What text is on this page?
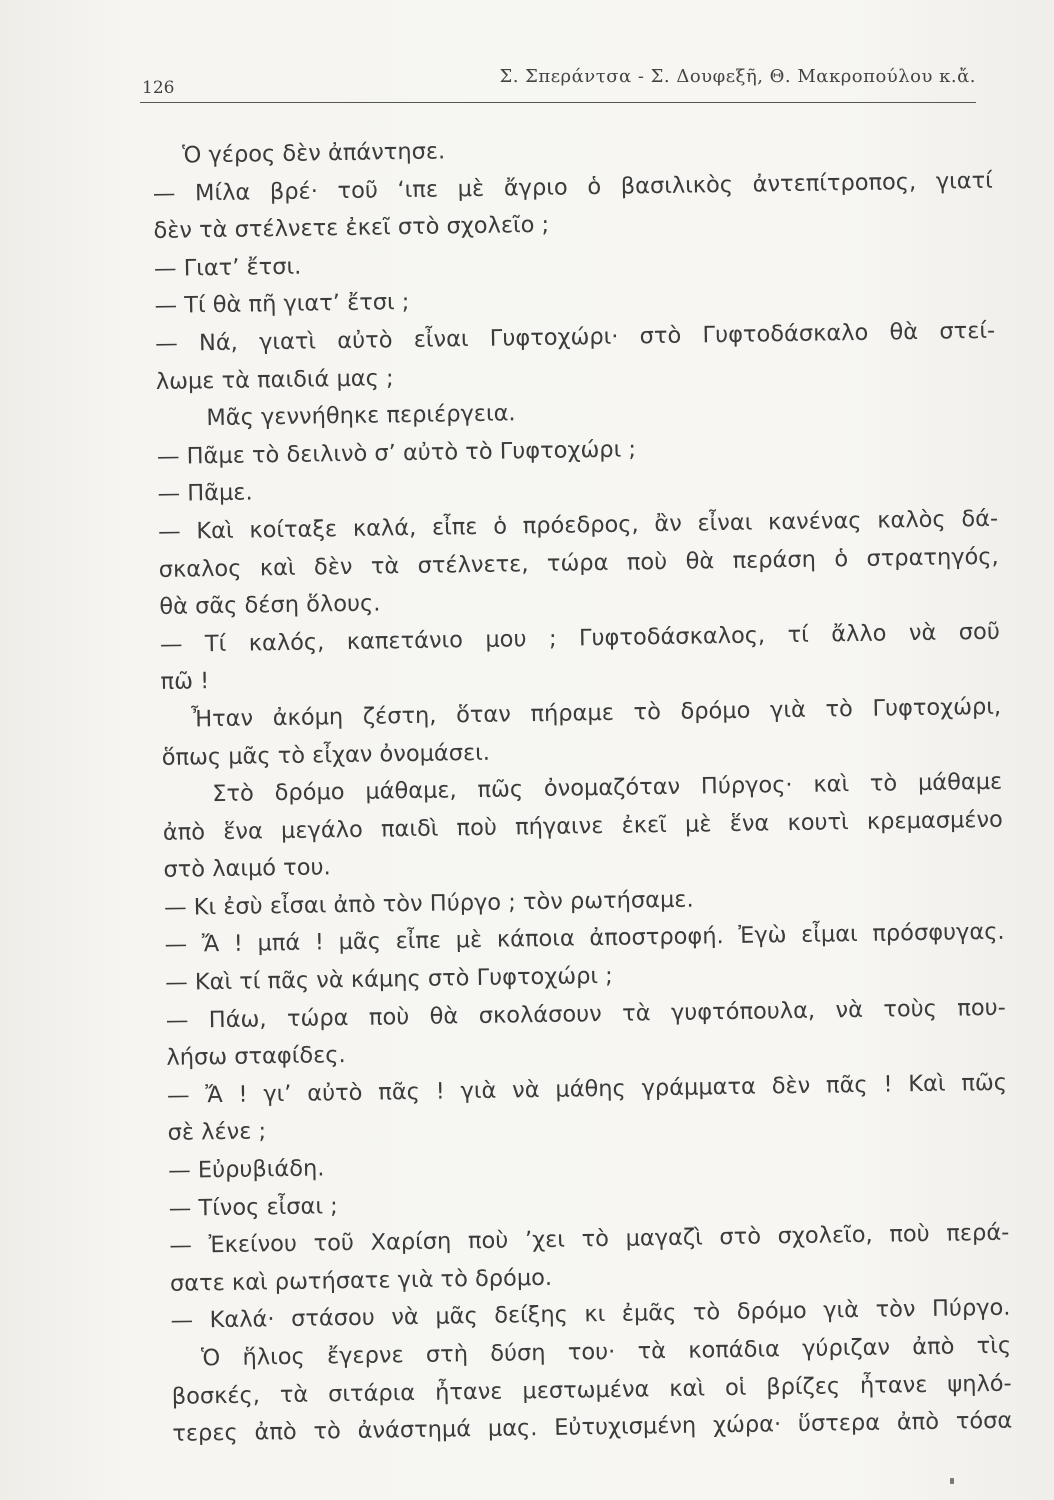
126
Σ. Σπεράντσα - Σ. Δουφεξῆ, Θ. Μακροπούλου κ.ἄ.
Ὁ γέρος δὲν ἀπάντησε.
— Μίλα βρέ· τοῦ ‘ιπε μὲ ἄγριο ὁ βασιλικὸς ἀντεπίτροπος, γιατί
δὲν τὰ στέλνετε ἐκεῖ στὸ σχολεῖο ;
— Γιατ’ ἔτσι.
— Τί θὰ πῆ γιατ’ ἔτσι ;
— Νά, γιατὶ αὐτὸ εἶναι Γυφτοχώρι· στὸ Γυφτοδάσκαλο θὰ στεί-
λωμε τὰ παιδιά μας ;
Μᾶς γεννήθηκε περιέργεια.
— Πᾶμε τὸ δειλινὸ σ’ αὐτὸ τὸ Γυφτοχώρι ;
— Πᾶμε.
— Καὶ κοίταξε καλά, εἶπε ὁ πρόεδρος, ἂν εἶναι κανένας καλὸς δά-
σκαλος καὶ δὲν τὰ στέλνετε, τώρα ποὺ θὰ περάση ὁ στρατηγός,
θὰ σᾶς δέση ὅλους.
— Τί καλός, καπετάνιο μου ; Γυφτοδάσκαλος, τί ἄλλο νὰ σοῦ
πῶ !
Ἦταν ἀκόμη ζέστη, ὅταν πήραμε τὸ δρόμο γιὰ τὸ Γυφτοχώρι,
ὅπως μᾶς τὸ εἶχαν ὀνομάσει.
Στὸ δρόμο μάθαμε, πῶς ὀνομαζόταν Πύργος· καὶ τὸ μάθαμε
ἀπὸ ἕνα μεγάλο παιδὶ ποὺ πήγαινε ἐκεῖ μὲ ἕνα κουτὶ κρεμασμένο
στὸ λαιμό του.
— Κι ἐσὺ εἶσαι ἀπὸ τὸν Πύργο ; τὸν ρωτήσαμε.
— Ἄ ! μπά ! μᾶς εἶπε μὲ κάποια ἀποστροφή. Ἐγὼ εἶμαι πρόσφυγας.
— Καὶ τί πᾶς νὰ κάμης στὸ Γυφτοχώρι ;
— Πάω, τώρα ποὺ θὰ σκολάσουν τὰ γυφτόπουλα, νὰ τοὺς που-
λήσω σταφίδες.
— Ἄ ! γι’ αὐτὸ πᾶς ! γιὰ νὰ μάθης γράμματα δὲν πᾶς ! Καὶ πῶς
σὲ λένε ;
— Εὐρυβιάδη.
— Τίνος εἶσαι ;
— Ἐκείνου τοῦ Χαρίση ποὺ ’χει τὸ μαγαζὶ στὸ σχολεῖο, ποὺ περά-
σατε καὶ ρωτήσατε γιὰ τὸ δρόμο.
— Καλά· στάσου νὰ μᾶς δείξης κι ἐμᾶς τὸ δρόμο γιὰ τὸν Πύργο.
Ὁ ἥλιος ἔγερνε στὴ δύση του· τὰ κοπάδια γύριζαν ἀπὸ τὶς
βοσκές, τὰ σιτάρια ἦτανε μεστωμένα καὶ οἱ βρίζες ἦτανε ψηλό-
τερες ἀπὸ τὸ ἀνάστημά μας. Εὐτυχισμένη χώρα· ὕστερα ἀπὸ τόσα
